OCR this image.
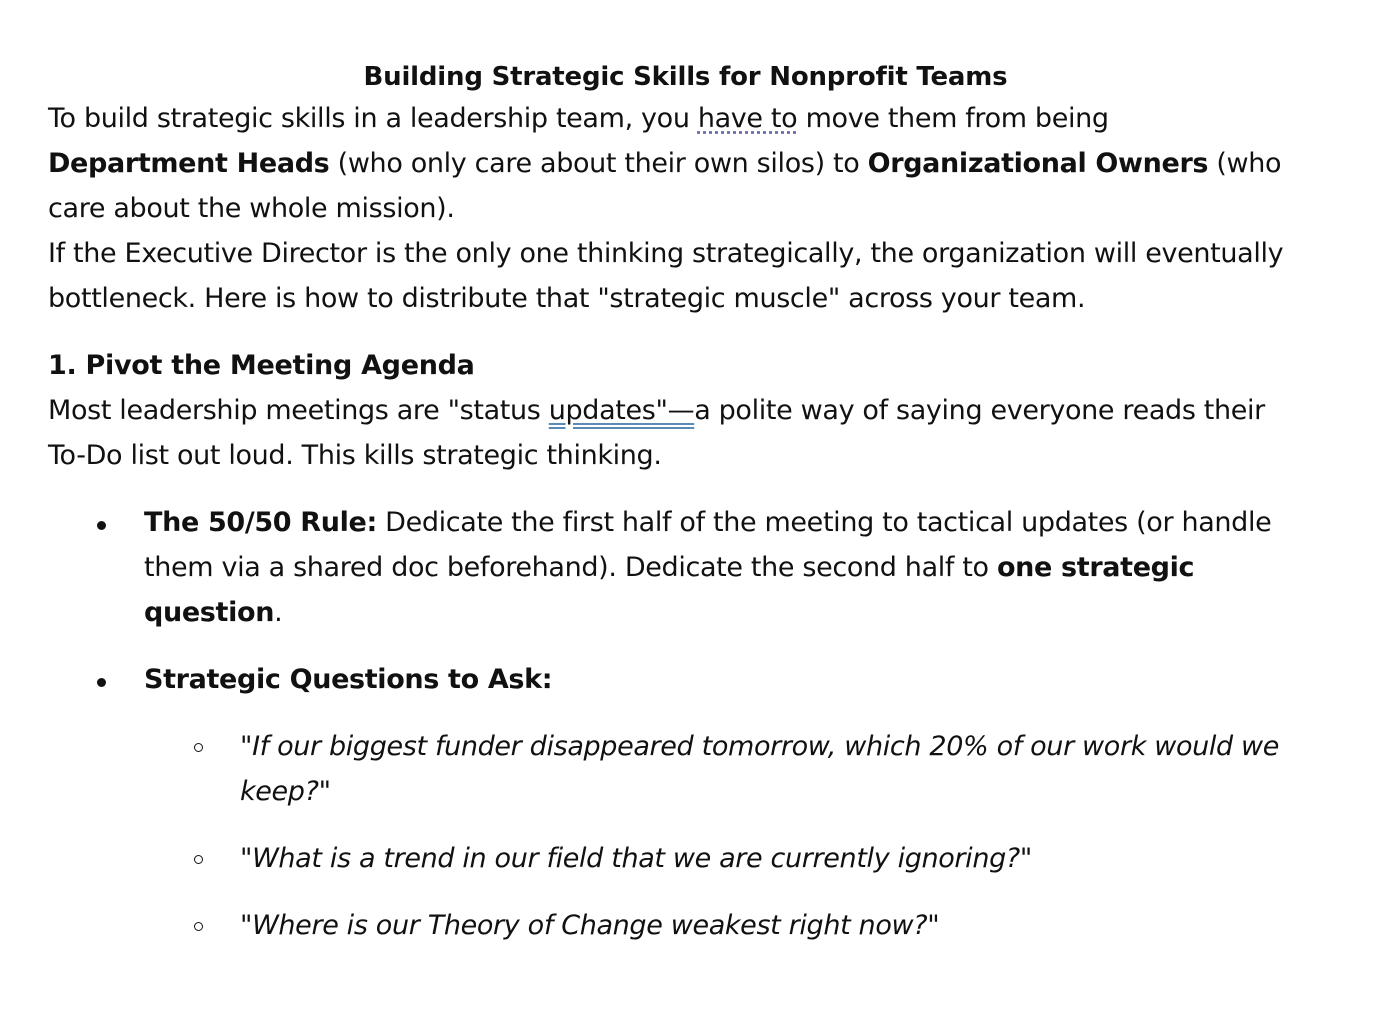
Building Strategic Skills for Nonprofit Teams

To build strategic skills in a leadership team, you have to move them from being Department Heads (who only care about their own silos) to Organizational Owners (who care about the whole mission).

If the Executive Director is the only one thinking strategically, the organization will eventually bottleneck. Here is how to distribute that "strategic muscle" across your team.

1. Pivot the Meeting Agenda

Most leadership meetings are "status updates"—a polite way of saying everyone reads their To-Do list out loud. This kills strategic thinking.

The 50/50 Rule: Dedicate the first half of the meeting to tactical updates (or handle them via a shared doc beforehand). Dedicate the second half to one strategic question.
Strategic Questions to Ask:
"If our biggest funder disappeared tomorrow, which 20% of our work would we keep?"
"What is a trend in our field that we are currently ignoring?"
"Where is our Theory of Change weakest right now?"
